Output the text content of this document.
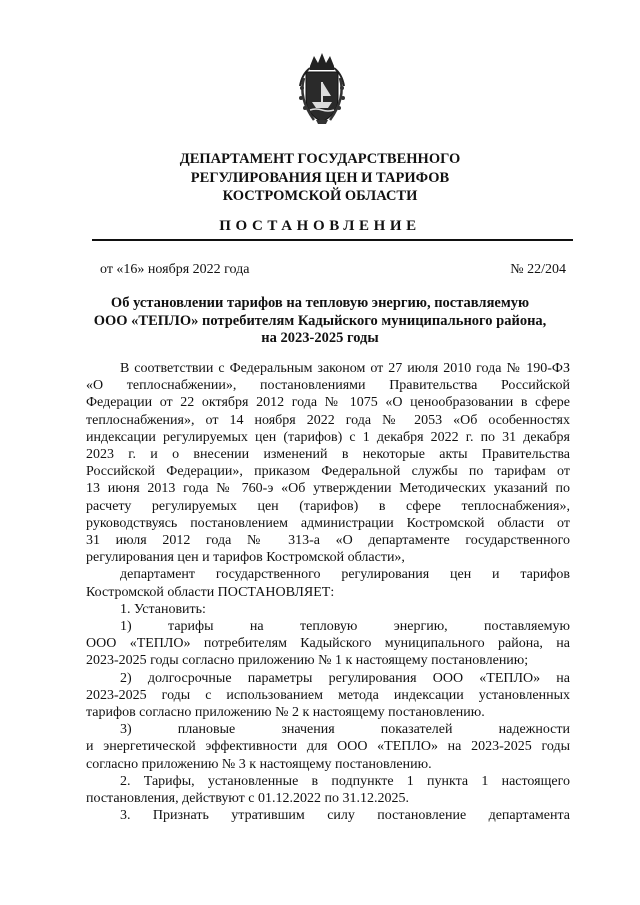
ДЕПАРТАМЕНТ ГОСУДАРСТВЕННОГО
РЕГУЛИРОВАНИЯ ЦЕН И ТАРИФОВ
КОСТРОМСКОЙ ОБЛАСТИ
ПОСТАНОВЛЕНИЕ
от «16» ноября 2022 года	№ 22/204
Об установлении тарифов на тепловую энергию, поставляемую
ООО «ТЕПЛО» потребителям Кадыйского муниципального района,
на 2023-2025 годы

В соответствии с Федеральным законом от 27 июля 2010 года № 190-ФЗ

«О теплоснабжении», постановлениями Правительства Российской

Федерации от 22 октября 2012 года № 1075 «О ценообразовании в сфере

теплоснабжения», от 14 ноября 2022 года № 2053 «Об особенностях

индексации регулируемых цен (тарифов) с 1 декабря 2022 г. по 31 декабря

2023 г. и о внесении изменений в некоторые акты Правительства

Российской Федерации», приказом Федеральной службы по тарифам от

13 июня 2013 года № 760-э «Об утверждении Методических указаний по

расчету регулируемых цен (тарифов) в сфере теплоснабжения»,

руководствуясь постановлением администрации Костромской области от

31 июля 2012 года № 313-а «О департаменте государственного

регулирования цен и тарифов Костромской области»,

департамент государственного регулирования цен и тарифов

Костромской области ПОСТАНОВЛЯЕТ:

1. Установить:

1) тарифы на тепловую энергию, поставляемую

ООО «ТЕПЛО» потребителям Кадыйского муниципального района, на

2023-2025 годы согласно приложению № 1 к настоящему постановлению;

2) долгосрочные параметры регулирования ООО «ТЕПЛО» на

2023-2025 годы с использованием метода индексации установленных

тарифов согласно приложению № 2 к настоящему постановлению.

3) плановые значения показателей надежности

и энергетической эффективности для ООО «ТЕПЛО» на 2023-2025 годы

согласно приложению № 3 к настоящему постановлению.

2. Тарифы, установленные в подпункте 1 пункта 1 настоящего

постановления, действуют с 01.12.2022 по 31.12.2025.

3. Признать утратившим силу постановление департамента
